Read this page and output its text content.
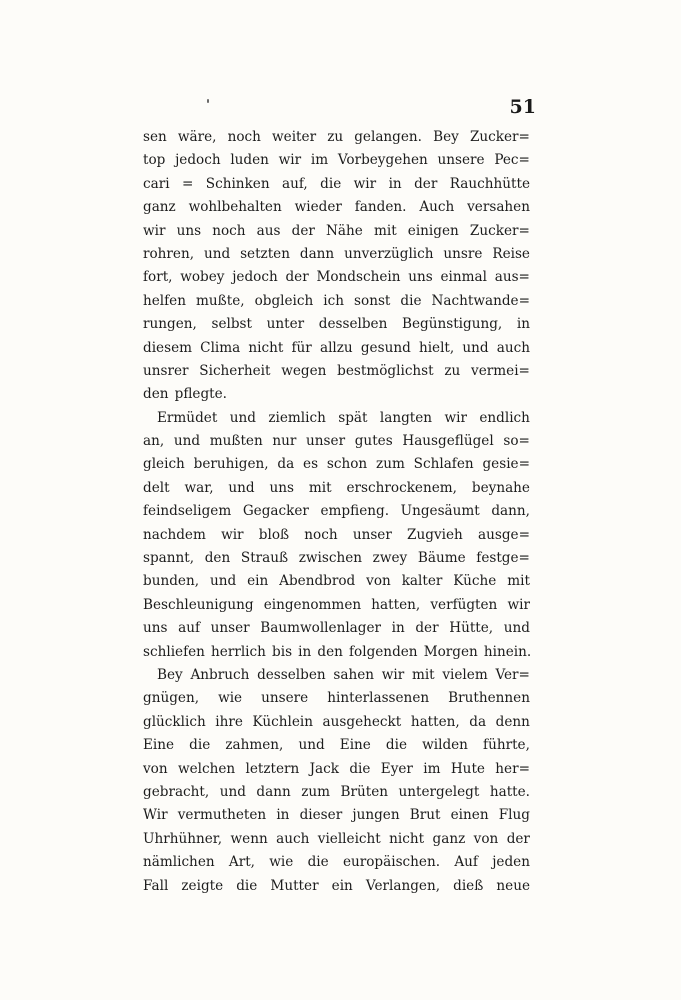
51
sen wäre, noch weiter zu gelangen. Bey Zucker=
top jedoch luden wir im Vorbeygehen unsere Pec=
cari = Schinken auf, die wir in der Rauchhütte
ganz wohlbehalten wieder fanden. Auch versahen
wir uns noch aus der Nähe mit einigen Zucker=
rohren, und setzten dann unverzüglich unsre Reise
fort, wobey jedoch der Mondschein uns einmal aus=
helfen mußte, obgleich ich sonst die Nachtwande=
rungen, selbst unter desselben Begünstigung, in
diesem Clima nicht für allzu gesund hielt, und auch
unsrer Sicherheit wegen bestmöglichst zu vermei=
den pflegte.
Ermüdet und ziemlich spät langten wir endlich
an, und mußten nur unser gutes Hausgeflügel so=
gleich beruhigen, da es schon zum Schlafen gesie=
delt war, und uns mit erschrockenem, beynahe
feindseligem Gegacker empfieng. Ungesäumt dann,
nachdem wir bloß noch unser Zugvieh ausge=
spannt, den Strauß zwischen zwey Bäume festge=
bunden, und ein Abendbrod von kalter Küche mit
Beschleunigung eingenommen hatten, verfügten wir
uns auf unser Baumwollenlager in der Hütte, und
schliefen herrlich bis in den folgenden Morgen hinein.
Bey Anbruch desselben sahen wir mit vielem Ver=
gnügen, wie unsere hinterlassenen Bruthennen
glücklich ihre Küchlein ausgeheckt hatten, da denn
Eine die zahmen, und Eine die wilden führte,
von welchen letztern Jack die Eyer im Hute her=
gebracht, und dann zum Brüten untergelegt hatte.
Wir vermutheten in dieser jungen Brut einen Flug
Uhrhühner, wenn auch vielleicht nicht ganz von der
nämlichen Art, wie die europäischen. Auf jeden
Fall zeigte die Mutter ein Verlangen, dieß neue
